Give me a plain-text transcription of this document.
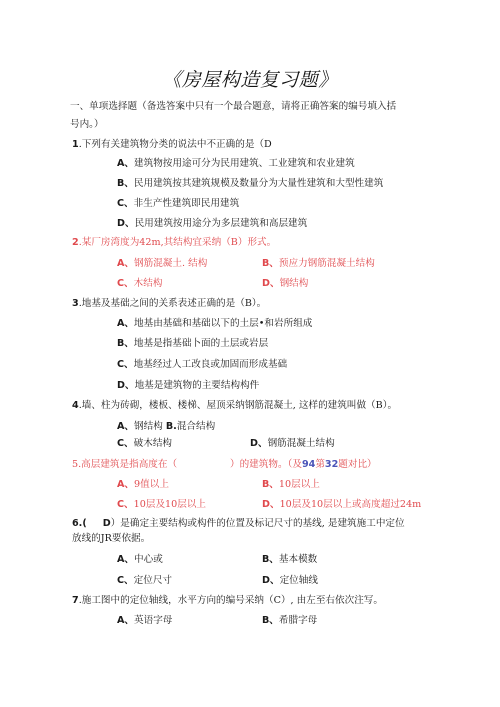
《房屋构造复习题》
一、单项选择题（备选答案中只有一个最合题意，请将正确答案的编号填入括
号内。）
1.下列有关建筑物分类的说法中不正确的是（D
A、建筑物按用途可分为民用建筑、工业建筑和农业建筑
B、民用建筑按其建筑规模及数量分为大量性建筑和大型性建筑
C、非生产性建筑即民用建筑
D、民用建筑按用途分为多层建筑和高层建筑
2.某厂房湾度为42m,其结构宜采纳（B）形式。
A、钢筋混凝土. 结构	B、预应力钢筋混凝土结构
C、木结构	D、钢结构
3.地基及基础之间的关系表述正确的是（B）。
A、地基由基础和基础以下的土层•和岩所组成
B、地基是指基础卜面的土层或岩层
C、地基经过人工改良或加固而形成基础
D、地基是建筑物的主要结构构件
4.墙、柱为砖砌，楼板、楼梯、屋顶采纳钢筋混凝土, 这样的建筑叫做（B）。
A、钢结构 B.混合结构
C、破木结构	D、钢筋混凝土结构
5.高层建筑是指高度在（	）的建筑物。（及94第32题对比）
A、9值以上	B、10层以上
C、10层及10层以上	D、10层及10层以上或高度超过24m
6.( D）是确定主要结构或构件的位置及标记尺寸的基线, 是建筑施工中定位
放线的JR要依据。
A、中心或	B、基本模数
C、定位尺寸	D、定位轴线
7.施工图中的定位轴线，水平方向的编号采纳（C）, 由左至右依次注写。
A、英语字母	B、希腊字母
